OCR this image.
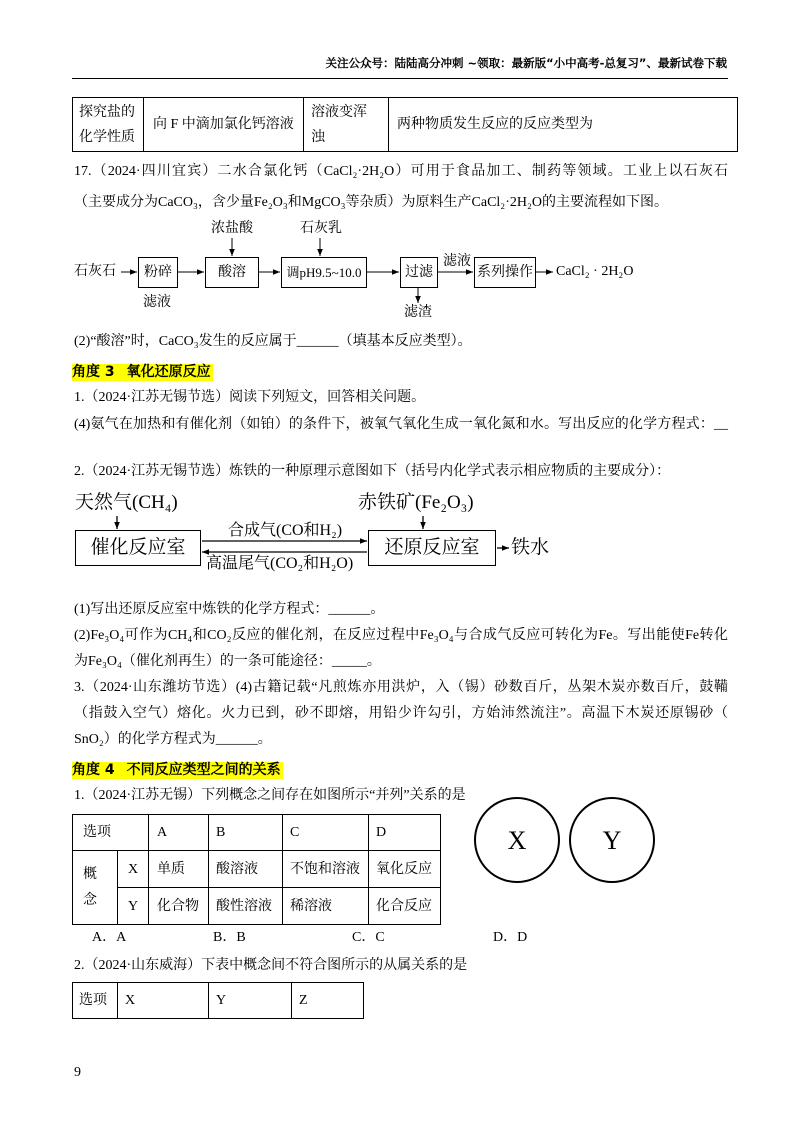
关注公众号：陆陆高分冲刺 ~领取：最新版“小中高考-总复习”、最新试卷下载
探究盐的化学性质	向 F 中滴加氯化钙溶液	溶液变浑浊	两种物质发生反应的反应类型为
17.（2024·四川宜宾）二水合氯化钙（CaCl₂·2H₂O）可用于食品加工、制药等领域。工业上以石灰石
（主要成分为CaCO₃，含少量Fe₂O₃和MgCO₃等杂质）为原料生产CaCl₂·2H₂O的主要流程如下图。
浓盐酸	石灰乳
石灰石	粉碎	酸溶	调pH9.5~10.0	过滤
滤液
系列操作 CaCl₂ · 2H₂O
滤液
滤渣
(2)“酸溶”时，CaCO₃发生的反应属于______（填基本反应类型）。
角度 3 氧化还原反应
1.（2024·江苏无锡节选）阅读下列短文，回答相关问题。
(4)氨气在加热和有催化剂（如铂）的条件下，被氧气氧化生成一氧化氮和水。写出反应的化学方程式：__
2.（2024·江苏无锡节选）炼铁的一种原理示意图如下（括号内化学式表示相应物质的主要成分）：
天然气(CH₄)	赤铁矿(Fe₂O₃)
催化反应室	还原反应室
合成气(CO和H₂)
高温尾气(CO₂和H₂O)
铁水
(1)写出还原反应室中炼铁的化学方程式：______。
(2)Fe₃O₄可作为CH₄和CO₂反应的催化剂，在反应过程中Fe₃O₄与合成气反应可转化为Fe。写出能使Fe转化
为Fe₃O₄（催化剂再生）的一条可能途径：_____。
3.（2024·山东潍坊节选）(4)古籍记载“凡煎炼亦用洪炉，入（锡）砂数百斤，丛架木炭亦数百斤，鼓鞴
（指鼓入空气）熔化。火力已到，砂不即熔，用铅少许勾引，方始沛然流注”。高温下木炭还原锡砂（
SnO₂）的化学方程式为______。
角度 4 不同反应类型之间的关系
1.（2024·江苏无锡）下列概念之间存在如图所示“并列”关系的是
选项		A	B	C	D
概念	X	单质	酸溶液	不饱和溶液	氧化反应
	Y	化合物	酸性溶液	稀溶液	化合反应
A．A	B．B	C．C	D．D
2.（2024·山东威海）下表中概念间不符合图所示的从属关系的是
选项	X	Y	Z
9
X	Y
